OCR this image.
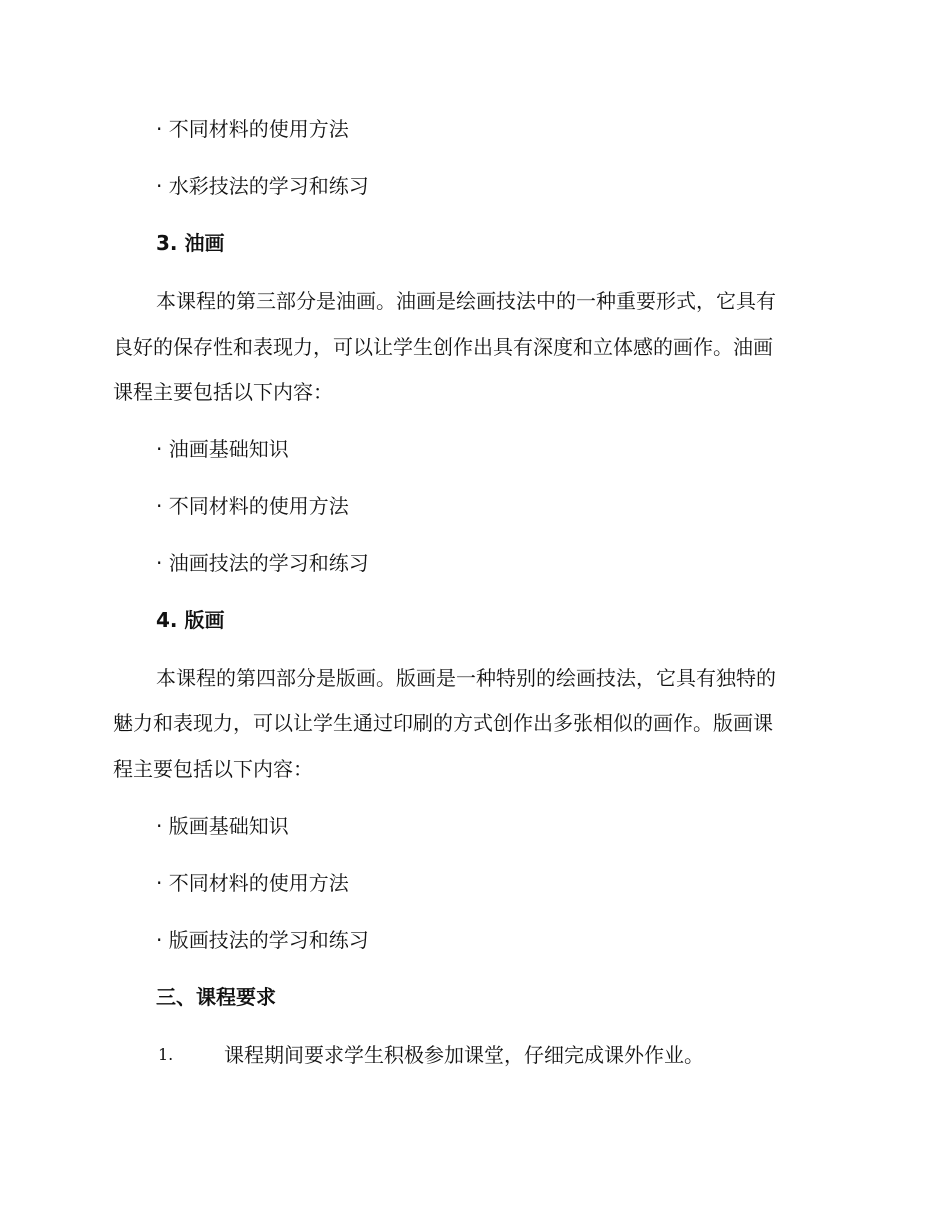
· 不同材料的使用方法
· 水彩技法的学习和练习
3. 油画
本课程的第三部分是油画。油画是绘画技法中的一种重要形式，它具有
良好的保存性和表现力，可以让学生创作出具有深度和立体感的画作。油画
课程主要包括以下内容：
· 油画基础知识
· 不同材料的使用方法
· 油画技法的学习和练习
4. 版画
本课程的第四部分是版画。版画是一种特别的绘画技法，它具有独特的
魅力和表现力，可以让学生通过印刷的方式创作出多张相似的画作。版画课
程主要包括以下内容：
· 版画基础知识
· 不同材料的使用方法
· 版画技法的学习和练习
三、课程要求
1.	课程期间要求学生积极参加课堂，仔细完成课外作业。
